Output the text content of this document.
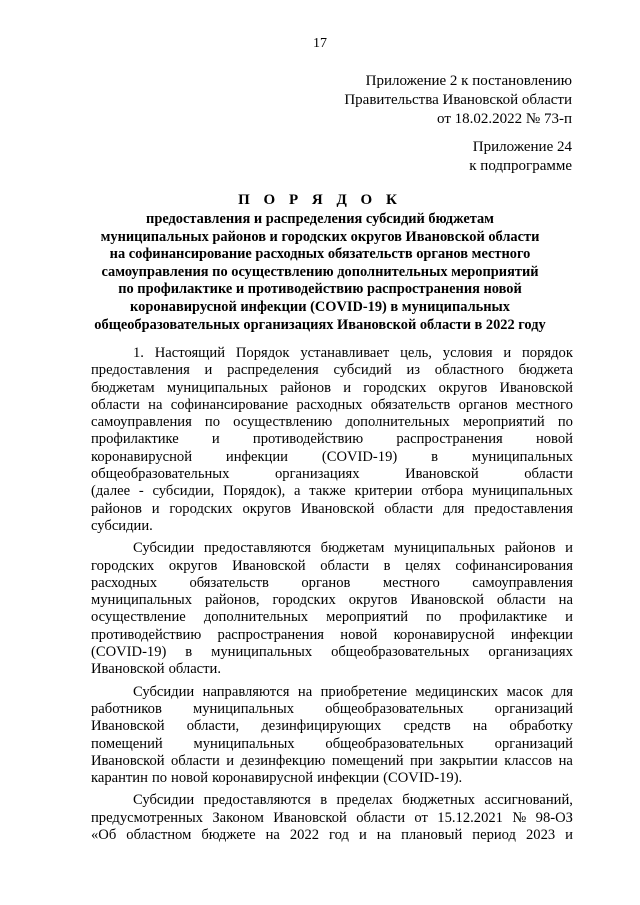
17
Приложение 2 к постановлению
Правительства Ивановской области
от 18.02.2022 № 73-п
Приложение 24
к подпрограмме
П О Р Я Д О К
предоставления и распределения субсидий бюджетам
муниципальных районов и городских округов Ивановской области
на софинансирование расходных обязательств органов местного
самоуправления по осуществлению дополнительных мероприятий
по профилактике и противодействию распространения новой
коронавирусной инфекции (COVID-19) в муниципальных
общеобразовательных организациях Ивановской области в 2022 году
1. Настоящий Порядок устанавливает цель, условия и порядок
предоставления и распределения субсидий из областного бюджета
бюджетам муниципальных районов и городских округов Ивановской
области на софинансирование расходных обязательств органов местного
самоуправления по осуществлению дополнительных мероприятий по
профилактике и противодействию распространения новой
коронавирусной инфекции (COVID-19) в муниципальных
общеобразовательных	организациях	Ивановской	области
(далее - субсидии, Порядок), а также критерии отбора муниципальных
районов и городских округов Ивановской области для предоставления
субсидии.
Субсидии предоставляются бюджетам муниципальных районов и
городских округов Ивановской области в целях софинансирования
расходных обязательств органов местного самоуправления
муниципальных районов, городских округов Ивановской области на
осуществление дополнительных мероприятий по профилактике и
противодействию распространения новой коронавирусной инфекции
(COVID-19) в муниципальных общеобразовательных организациях
Ивановской области.
Субсидии направляются на приобретение медицинских масок для
работников муниципальных общеобразовательных организаций
Ивановской области, дезинфицирующих средств на обработку
помещений муниципальных общеобразовательных организаций
Ивановской области и дезинфекцию помещений при закрытии классов на
карантин по новой коронавирусной инфекции (COVID-19).
Субсидии предоставляются в пределах бюджетных ассигнований,
предусмотренных Законом Ивановской области от 15.12.2021 № 98-ОЗ
«Об областном бюджете на 2022 год и на плановый период 2023 и
